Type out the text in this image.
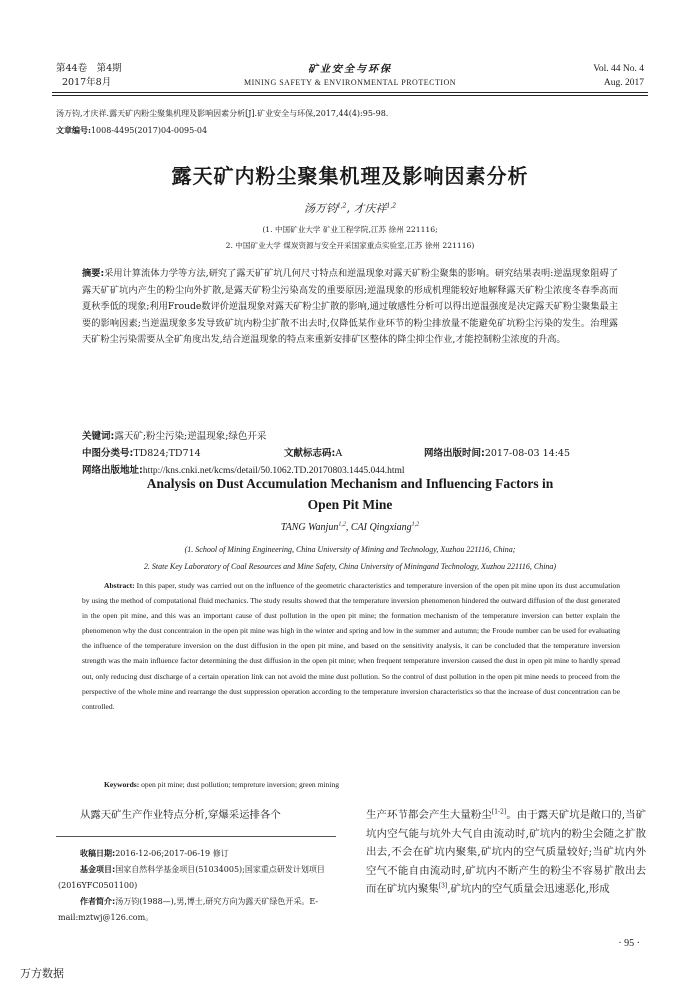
第44卷　第4期
2017年8月
矿业安全与环保
MINING SAFETY & ENVIRONMENTAL PROTECTION
Vol. 44 No. 4
Aug. 2017
汤万钧,才庆祥.露天矿内粉尘聚集机理及影响因素分析[J].矿业安全与环保,2017,44(4):95-98.
文章编号:1008-4495(2017)04-0095-04
露天矿内粉尘聚集机理及影响因素分析
汤万钧$^{1,2}$, 才庆祥$^{1,2}$
(1. 中国矿业大学 矿业工程学院,江苏 徐州 221116;
2. 中国矿业大学 煤炭资源与安全开采国家重点实验室,江苏 徐州 221116)
摘要:采用计算流体力学等方法,研究了露天矿矿坑几何尺寸特点和逆温现象对露天矿粉尘聚集的影响。研究结果表明:逆温现象阻碍了露天矿矿坑内产生的粉尘向外扩散,是露天矿粉尘污染高发的重要原因;逆温现象的形成机理能较好地解释露天矿粉尘浓度冬春季高而夏秋季低的现象;利用Froude数评价逆温现象对露天矿粉尘扩散的影响,通过敏感性分析可以得出逆温强度是决定露天矿粉尘聚集最主要的影响因素;当逆温现象多发导致矿坑内粉尘扩散不出去时,仅降低某作业环节的粉尘排放量不能避免矿坑粉尘污染的发生。治理露天矿粉尘污染需要从全矿角度出发,结合逆温现象的特点来重新安排矿区整体的降尘抑尘作业,才能控制粉尘浓度的升高。
关键词:露天矿;粉尘污染;逆温现象;绿色开采
中图分类号:TD824;TD714	文献标志码:A	网络出版时间:2017-08-03 14:45
网络出版地址:http://kns.cnki.net/kcms/detail/50.1062.TD.20170803.1445.044.html
Analysis on Dust Accumulation Mechanism and Influencing Factors in
Open Pit Mine
TANG Wanjun$^{1,2}$, CAI Qingxiang$^{1,2}$
(1. School of Mining Engineering, China University of Mining and Technology, Xuzhou 221116, China;
2. State Key Laboratory of Coal Resources and Mine Safety, China University of Miningand Technology, Xuzhou 221116, China)
Abstract: In this paper, study was carried out on the influence of the geometric characteristics and temperature inversion of the open pit mine upon its dust accumulation by using the method of computational fluid mechanics. The study results showed that the temperature inversion phenomenon hindered the outward diffusion of the dust generated in the open pit mine, and this was an important cause of dust pollution in the open pit mine; the formation mechanism of the temperature inversion can better explain the phenomenon why the dust concentraion in the open pit mine was high in the winter and spring and low in the summer and autumn; the Froude number can be used for evaluating the influence of the temperature inversion on the dust diffusion in the open pit mine, and based on the sensitivity analysis, it can be concluded that the temperature inversion strength was the main influence factor determining the dust diffusion in the open pit mine; when frequent temperature inversion caused the dust in open pit mine to hardly spread out, only reducing dust discharge of a certain operation link can not avoid the mine dust pollution. So the control of dust pollution in the open pit mine needs to proceed from the perspective of the whole mine and rearrange the dust suppression operation according to the temperature inversion characteristics so that the increase of dust concentration can be controlled.
Keywords: open pit mine; dust pollution; tempreture inversion; green mining
从露天矿生产作业特点分析,穿爆采运排各个
收稿日期:2016-12-06;2017-06-19 修订
基金项目:国家自然科学基金项目(51034005);国家重点研发计划项目(2016YFC0501100)
作者简介:汤万钧(1988—),男,博士,研究方向为露天矿绿色开采。E-mail:mztwj@126.com。
生产环节都会产生大量粉尘[1-2]。由于露天矿坑是敞口的,当矿坑内空气能与坑外大气自由流动时,矿坑内的粉尘会随之扩散出去,不会在矿坑内聚集,矿坑内的空气质量较好;当矿坑内外空气不能自由流动时,矿坑内不断产生的粉尘不容易扩散出去而在矿坑内聚集[3],矿坑内的空气质量会迅速恶化,形成
· 95 ·
万方数据
